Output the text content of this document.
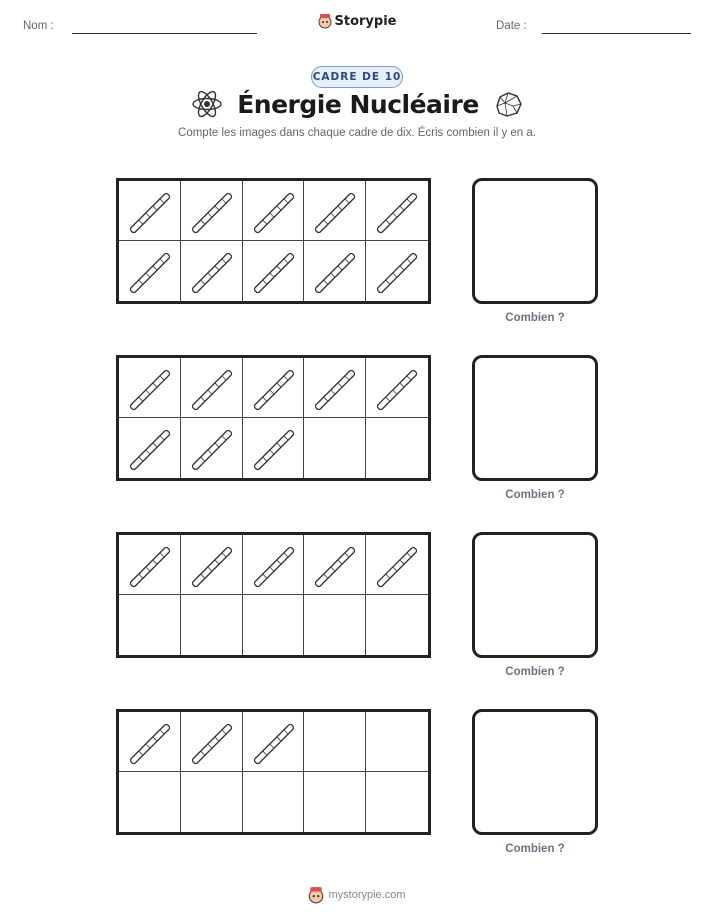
Nom :	Storypie	Date :
CADRE DE 10
Énergie Nucléaire
Compte les images dans chaque cadre de dix. Écris combien il y en a.
Combien ?
Combien ?
Combien ?
Combien ?
mystorypie.com
